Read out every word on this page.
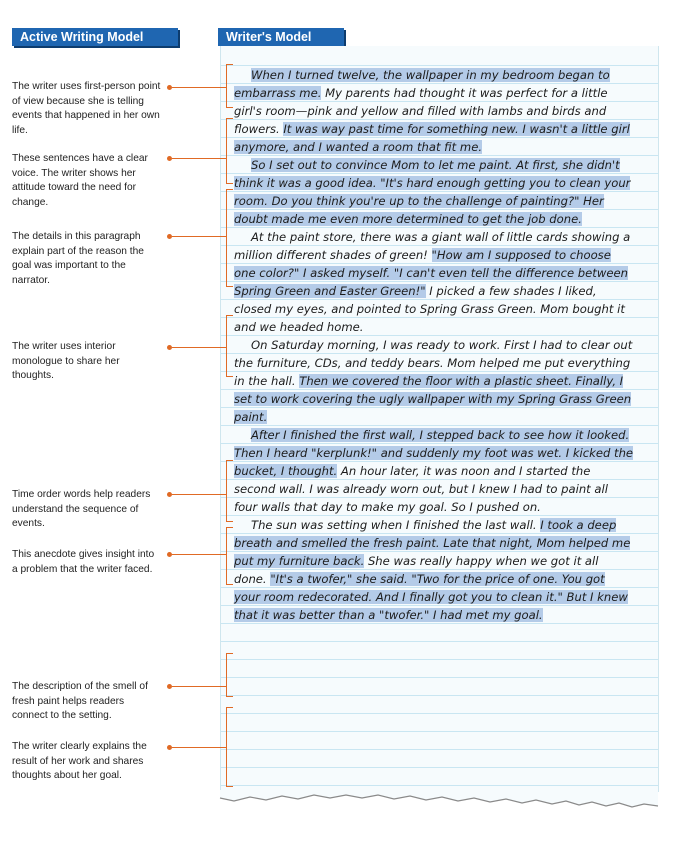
Active Writing Model	Writer's Model
The writer uses first-person point of view because she is telling events that happened in her own life.
These sentences have a clear voice. The writer shows her attitude toward the need for change.
The details in this paragraph explain part of the reason the goal was important to the narrator.
The writer uses interior monologue to share her thoughts.
Time order words help readers understand the sequence of events.
This anecdote gives insight into a problem that the writer faced.
The description of the smell of fresh paint helps readers connect to the setting.
The writer clearly explains the result of her work and shares thoughts about her goal.

When I turned twelve, the wallpaper in my bedroom began to embarrass me. My parents had thought it was perfect for a little girl's room—pink and yellow and filled with lambs and birds and flowers. It was way past time for something new. I wasn't a little girl anymore, and I wanted a room that fit me.

So I set out to convince Mom to let me paint. At first, she didn't think it was a good idea. "It's hard enough getting you to clean your room. Do you think you're up to the challenge of painting?" Her doubt made me even more determined to get the job done.

At the paint store, there was a giant wall of little cards showing a million different shades of green! "How am I supposed to choose one color?" I asked myself. "I can't even tell the difference between Spring Green and Easter Green!" I picked a few shades I liked, closed my eyes, and pointed to Spring Grass Green. Mom bought it and we headed home.

On Saturday morning, I was ready to work. First I had to clear out the furniture, CDs, and teddy bears. Mom helped me put everything in the hall. Then we covered the floor with a plastic sheet. Finally, I set to work covering the ugly wallpaper with my Spring Grass Green paint.

After I finished the first wall, I stepped back to see how it looked. Then I heard "kerplunk!" and suddenly my foot was wet. I kicked the bucket, I thought. An hour later, it was noon and I started the second wall. I was already worn out, but I knew I had to paint all four walls that day to make my goal. So I pushed on.

The sun was setting when I finished the last wall. I took a deep breath and smelled the fresh paint. Late that night, Mom helped me put my furniture back. She was really happy when we got it all done. "It's a twofer," she said. "Two for the price of one. You got your room redecorated. And I finally got you to clean it." But I knew that it was better than a "twofer." I had met my goal.
